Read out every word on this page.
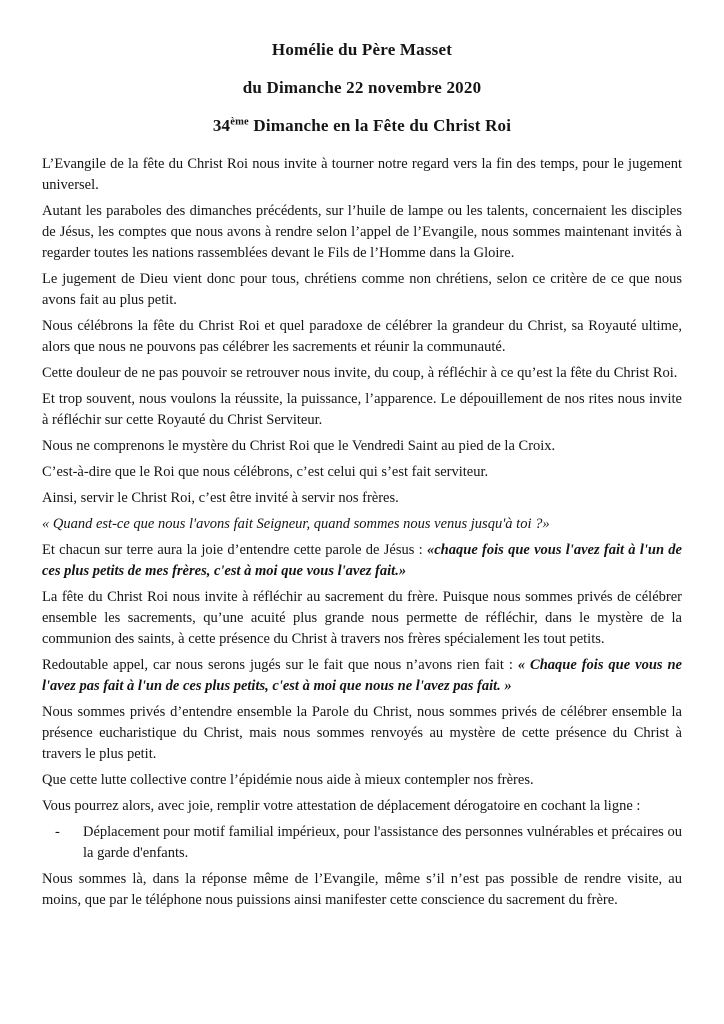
Homélie du Père Masset
du Dimanche 22 novembre 2020
34ème Dimanche en la Fête du Christ Roi

L’Evangile de la fête du Christ Roi nous invite à tourner notre regard vers la fin des temps, pour le jugement universel.

Autant les paraboles des dimanches précédents, sur l’huile de lampe ou les talents, concernaient les disciples de Jésus, les comptes que nous avons à rendre selon l’appel de l’Evangile, nous sommes maintenant invités à regarder toutes les nations rassemblées devant le Fils de l’Homme dans la Gloire.

Le jugement de Dieu vient donc pour tous, chrétiens comme non chrétiens, selon ce critère de ce que nous avons fait au plus petit.

Nous célébrons la fête du Christ Roi et quel paradoxe de célébrer la grandeur du Christ, sa Royauté ultime, alors que nous ne pouvons pas célébrer les sacrements et réunir la communauté.

Cette douleur de ne pas pouvoir se retrouver nous invite, du coup, à réfléchir à ce qu’est la fête du Christ Roi.

Et trop souvent, nous voulons la réussite, la puissance, l’apparence. Le dépouillement de nos rites nous invite à réfléchir sur cette Royauté du Christ Serviteur.

Nous ne comprenons le mystère du Christ Roi que le Vendredi Saint au pied de la Croix.

C’est-à-dire que le Roi que nous célébrons, c’est celui qui s’est fait serviteur.

Ainsi, servir le Christ Roi, c’est être invité à servir nos frères.

« Quand est-ce que nous l'avons fait Seigneur, quand sommes nous venus jusqu'à toi ?»

Et chacun sur terre aura la joie d’entendre cette parole de Jésus : «chaque fois que vous l'avez fait à l'un de ces plus petits de mes frères, c'est à moi que vous l'avez fait.»

La fête du Christ Roi nous invite à réfléchir au sacrement du frère. Puisque nous sommes privés de célébrer ensemble les sacrements, qu’une acuité plus grande nous permette de réfléchir, dans le mystère de la communion des saints, à cette présence du Christ à travers nos frères spécialement les tout petits.

Redoutable appel, car nous serons jugés sur le fait que nous n’avons rien fait : « Chaque fois que vous ne l'avez pas fait à l'un de ces plus petits, c'est à moi que nous ne l'avez pas fait. »

Nous sommes privés d’entendre ensemble la Parole du Christ, nous sommes privés de célébrer ensemble la présence eucharistique du Christ, mais nous sommes renvoyés au mystère de cette présence du Christ à travers le plus petit.

Que cette lutte collective contre l’épidémie nous aide à mieux contempler nos frères.

Vous pourrez alors, avec joie, remplir votre attestation de déplacement dérogatoire en cochant la ligne :

-	Déplacement pour motif familial impérieux, pour l'assistance des personnes vulnérables et précaires ou la garde d'enfants.

Nous sommes là, dans la réponse même de l’Evangile, même s’il n’est pas possible de rendre visite, au moins, que par le téléphone nous puissions ainsi manifester cette conscience du sacrement du frère.
